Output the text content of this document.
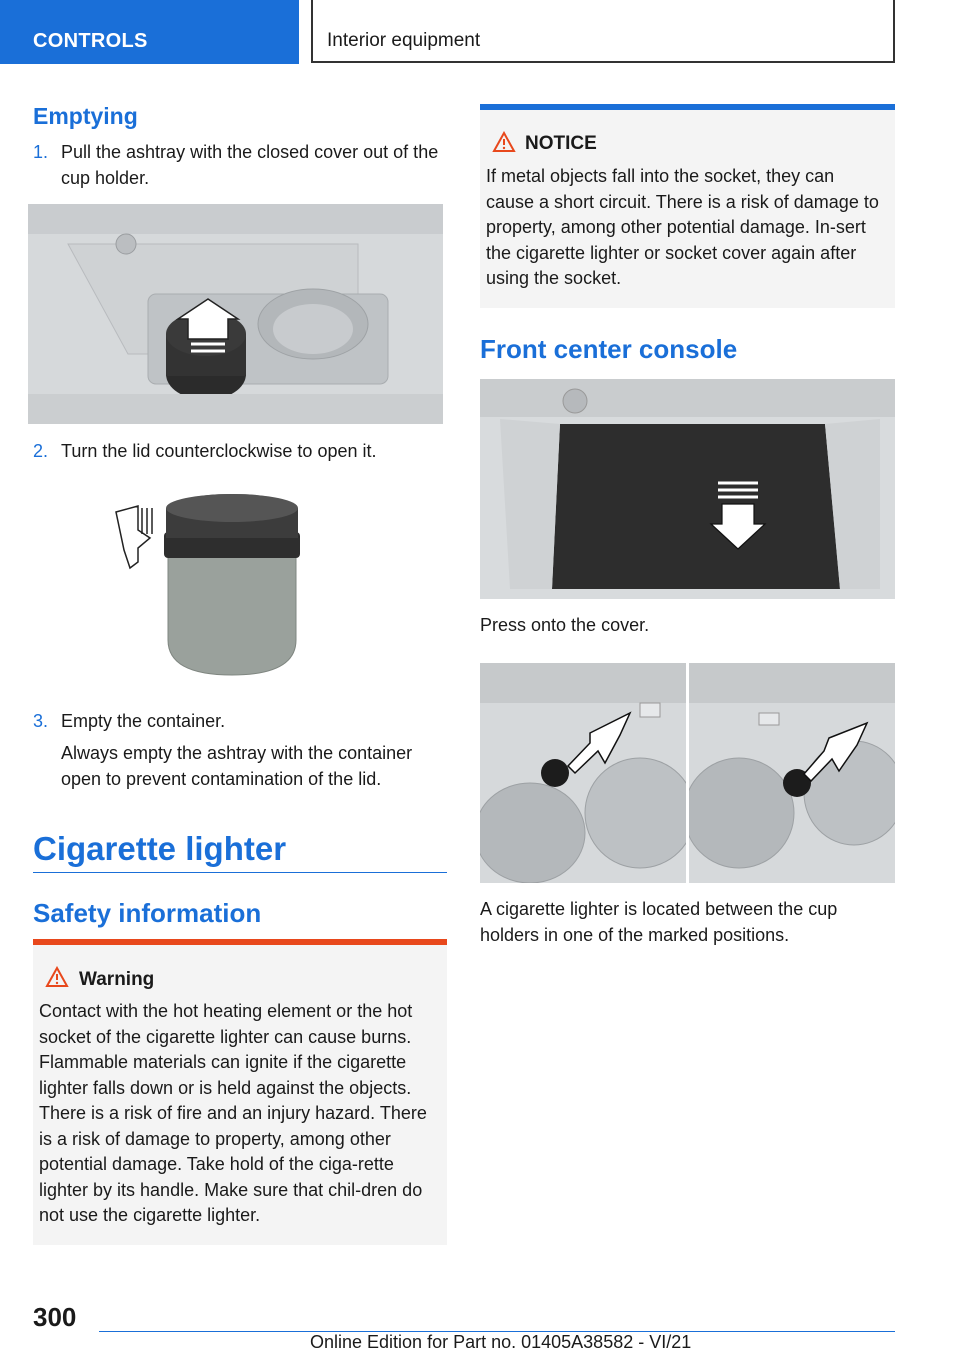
CONTROLS	Interior equipment
Emptying
1. Pull the ashtray with the closed cover out of the cup holder.
2. Turn the lid counterclockwise to open it.
3. Empty the container.
Always empty the ashtray with the container open to prevent contamination of the lid.
Cigarette lighter
Safety information
Warning
Contact with the hot heating element or the hot socket of the cigarette lighter can cause burns. Flammable materials can ignite if the cigarette lighter falls down or is held against the objects. There is a risk of fire and an injury hazard. There is a risk of damage to property, among other potential damage. Take hold of the ciga-rette lighter by its handle. Make sure that chil-dren do not use the cigarette lighter.
NOTICE
If metal objects fall into the socket, they can cause a short circuit. There is a risk of damage to property, among other potential damage. In-sert the cigarette lighter or socket cover again after using the socket.
Front center console
Press onto the cover.
A cigarette lighter is located between the cup holders in one of the marked positions.
300
Online Edition for Part no. 01405A38582 - VI/21
